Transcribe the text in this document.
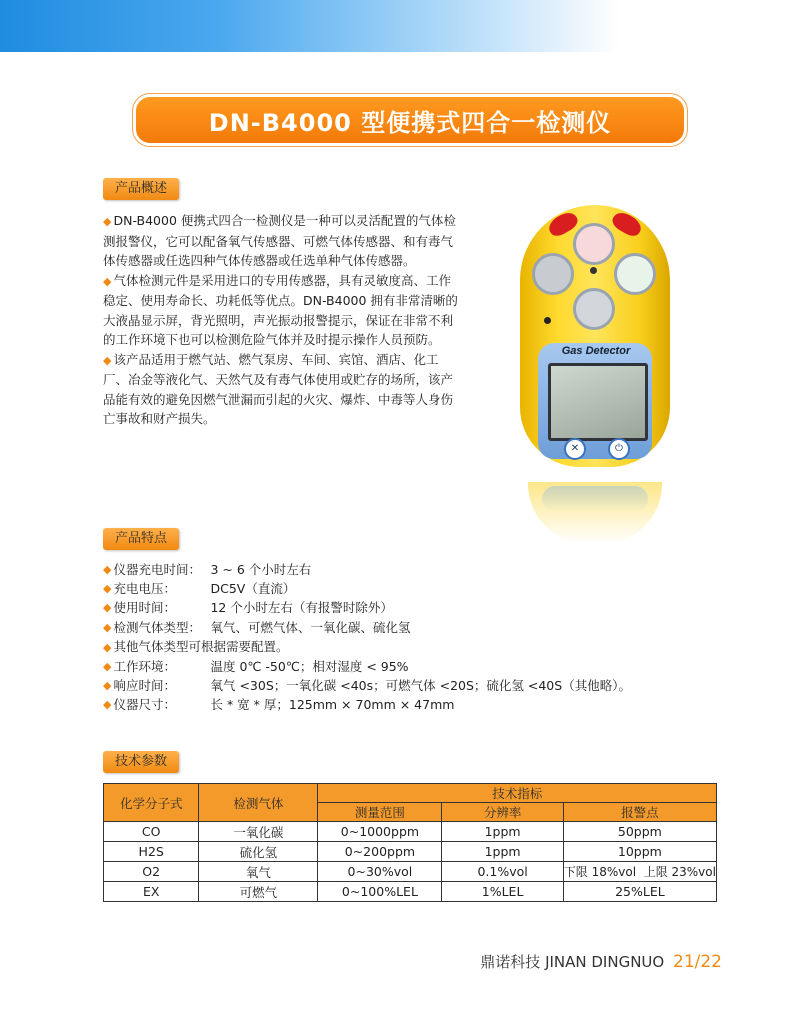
DN-B4000 型便携式四合一检测仪
产品概述

◆ DN-B4000 便携式四合一检测仪是一种可以灵活配置的气体检测报警仪，它可以配备氧气传感器、可燃气体传感器、和有毒气体传感器或任选四种气体传感器或任选单种气体传感器。

◆ 气体检测元件是采用进口的专用传感器，具有灵敏度高、工作稳定、使用寿命长、功耗低等优点。DN-B4000 拥有非常清晰的大液晶显示屏，背光照明，声光振动报警提示，保证在非常不利的工作环境下也可以检测危险气体并及时提示操作人员预防。

◆ 该产品适用于燃气站、燃气泵房、车间、宾馆、酒店、化工厂、冶金等液化气、天然气及有毒气体使用或贮存的场所，该产品能有效的避免因燃气泄漏而引起的火灾、爆炸、中毒等人身伤亡事故和财产损失。

Gas Detector
✕	⏻
产品特点
◆ 仪器充电时间： 3 ~ 6 个小时左右
◆ 充电电压：	DC5V（直流）
◆ 使用时间：	12 个小时左右（有报警时除外）
◆ 检测气体类型： 氧气、可燃气体、一氧化碳、硫化氢
◆ 其他气体类型可根据需要配置。
◆ 工作环境：	温度 0℃ -50℃；相对湿度 < 95%
◆ 响应时间：	氧气 <30S；一氧化碳 <40s；可燃气体 <20S；硫化氢 <40S（其他略）。
◆ 仪器尺寸：	长 * 宽 * 厚；125mm × 70mm × 47mm
技术参数
化学分子式	检测气体	技术指标		
		测量范围	分辨率	报警点
CO	一氧化碳	0~1000ppm	1ppm	50ppm
H2S	硫化氢	0~200ppm	1ppm	10ppm
O2	氧气	0~30%vol	0.1%vol	下限 18%vol  上限 23%vol
EX	可燃气	0~100%LEL	1%LEL	25%LEL
鼎诺科技 JINAN DINGNUO 21/22
